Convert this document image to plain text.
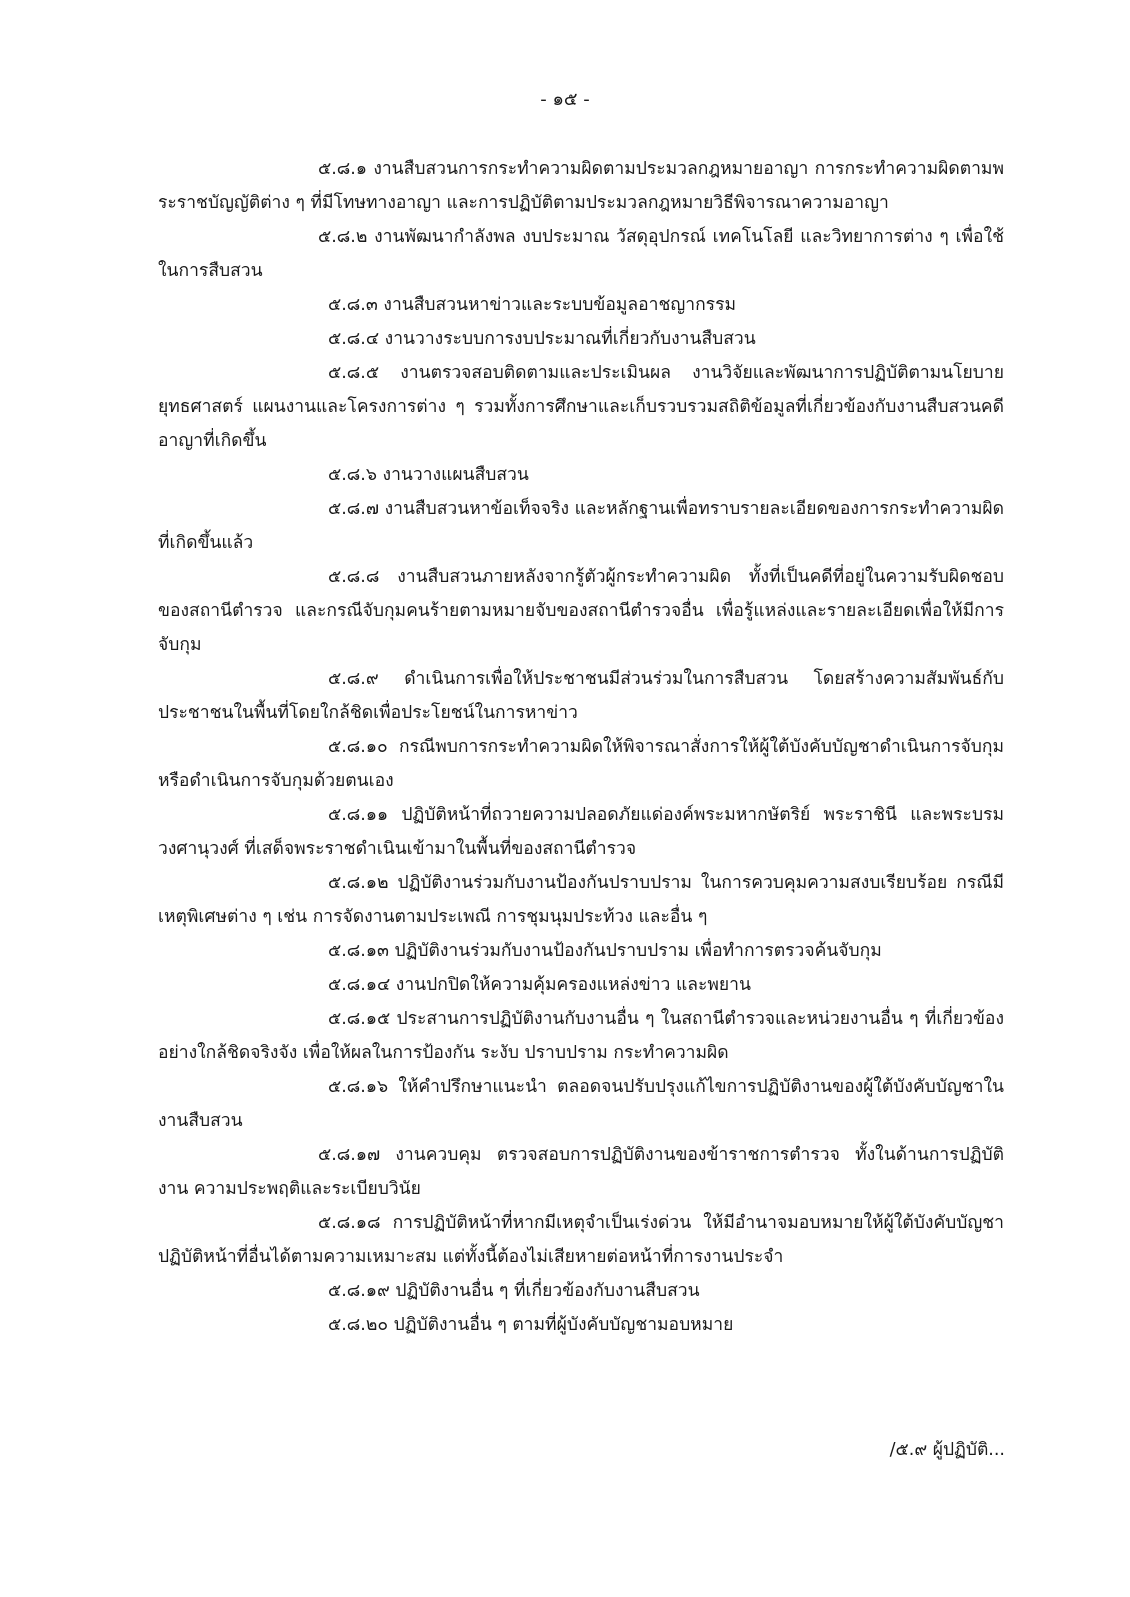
- ๑๕ -

๕.๘.๑ งานสืบสวนการกระทำความผิดตามประมวลกฎหมายอาญา การกระทำความผิดตามพระราชบัญญัติต่าง ๆ ที่มีโทษทางอาญา และการปฏิบัติตามประมวลกฎหมายวิธีพิจารณาความอาญา

๕.๘.๒ งานพัฒนากำลังพล งบประมาณ วัสดุอุปกรณ์ เทคโนโลยี และวิทยาการต่าง ๆ เพื่อใช้ในการสืบสวน

๕.๘.๓ งานสืบสวนหาข่าวและระบบข้อมูลอาชญากรรม

๕.๘.๔ งานวางระบบการงบประมาณที่เกี่ยวกับงานสืบสวน

๕.๘.๕ งานตรวจสอบติดตามและประเมินผล งานวิจัยและพัฒนาการปฏิบัติตามนโยบาย ยุทธศาสตร์ แผนงานและโครงการต่าง ๆ รวมทั้งการศึกษาและเก็บรวบรวมสถิติข้อมูลที่เกี่ยวข้องกับงานสืบสวนคดีอาญาที่เกิดขึ้น

๕.๘.๖ งานวางแผนสืบสวน

๕.๘.๗ งานสืบสวนหาข้อเท็จจริง และหลักฐานเพื่อทราบรายละเอียดของการกระทำความผิดที่เกิดขึ้นแล้ว

๕.๘.๘ งานสืบสวนภายหลังจากรู้ตัวผู้กระทำความผิด ทั้งที่เป็นคดีที่อยู่ในความรับผิดชอบของสถานีตำรวจ และกรณีจับกุมคนร้ายตามหมายจับของสถานีตำรวจอื่น เพื่อรู้แหล่งและรายละเอียดเพื่อให้มีการจับกุม

๕.๘.๙ ดำเนินการเพื่อให้ประชาชนมีส่วนร่วมในการสืบสวน โดยสร้างความสัมพันธ์กับประชาชนในพื้นที่โดยใกล้ชิดเพื่อประโยชน์ในการหาข่าว

๕.๘.๑๐ กรณีพบการกระทำความผิดให้พิจารณาสั่งการให้ผู้ใต้บังคับบัญชาดำเนินการจับกุม หรือดำเนินการจับกุมด้วยตนเอง

๕.๘.๑๑ ปฏิบัติหน้าที่ถวายความปลอดภัยแด่องค์พระมหากษัตริย์ พระราชินี และพระบรมวงศานุวงศ์ ที่เสด็จพระราชดำเนินเข้ามาในพื้นที่ของสถานีตำรวจ

๕.๘.๑๒ ปฏิบัติงานร่วมกับงานป้องกันปราบปราม ในการควบคุมความสงบเรียบร้อย กรณีมีเหตุพิเศษต่าง ๆ เช่น การจัดงานตามประเพณี การชุมนุมประท้วง และอื่น ๆ

๕.๘.๑๓ ปฏิบัติงานร่วมกับงานป้องกันปราบปราม เพื่อทำการตรวจค้นจับกุม

๕.๘.๑๔ งานปกปิดให้ความคุ้มครองแหล่งข่าว และพยาน

๕.๘.๑๕ ประสานการปฏิบัติงานกับงานอื่น ๆ ในสถานีตำรวจและหน่วยงานอื่น ๆ ที่เกี่ยวข้องอย่างใกล้ชิดจริงจัง เพื่อให้ผลในการป้องกัน ระงับ ปราบปราม กระทำความผิด

๕.๘.๑๖ ให้คำปรึกษาแนะนำ ตลอดจนปรับปรุงแก้ไขการปฏิบัติงานของผู้ใต้บังคับบัญชาในงานสืบสวน

๕.๘.๑๗ งานควบคุม ตรวจสอบการปฏิบัติงานของข้าราชการตำรวจ ทั้งในด้านการปฏิบัติงาน ความประพฤติและระเบียบวินัย

๕.๘.๑๘ การปฏิบัติหน้าที่หากมีเหตุจำเป็นเร่งด่วน ให้มีอำนาจมอบหมายให้ผู้ใต้บังคับบัญชาปฏิบัติหน้าที่อื่นได้ตามความเหมาะสม แต่ทั้งนี้ต้องไม่เสียหายต่อหน้าที่การงานประจำ

๕.๘.๑๙ ปฏิบัติงานอื่น ๆ ที่เกี่ยวข้องกับงานสืบสวน

๕.๘.๒๐ ปฏิบัติงานอื่น ๆ ตามที่ผู้บังคับบัญชามอบหมาย

/๕.๙ ผู้ปฏิบัติ...
